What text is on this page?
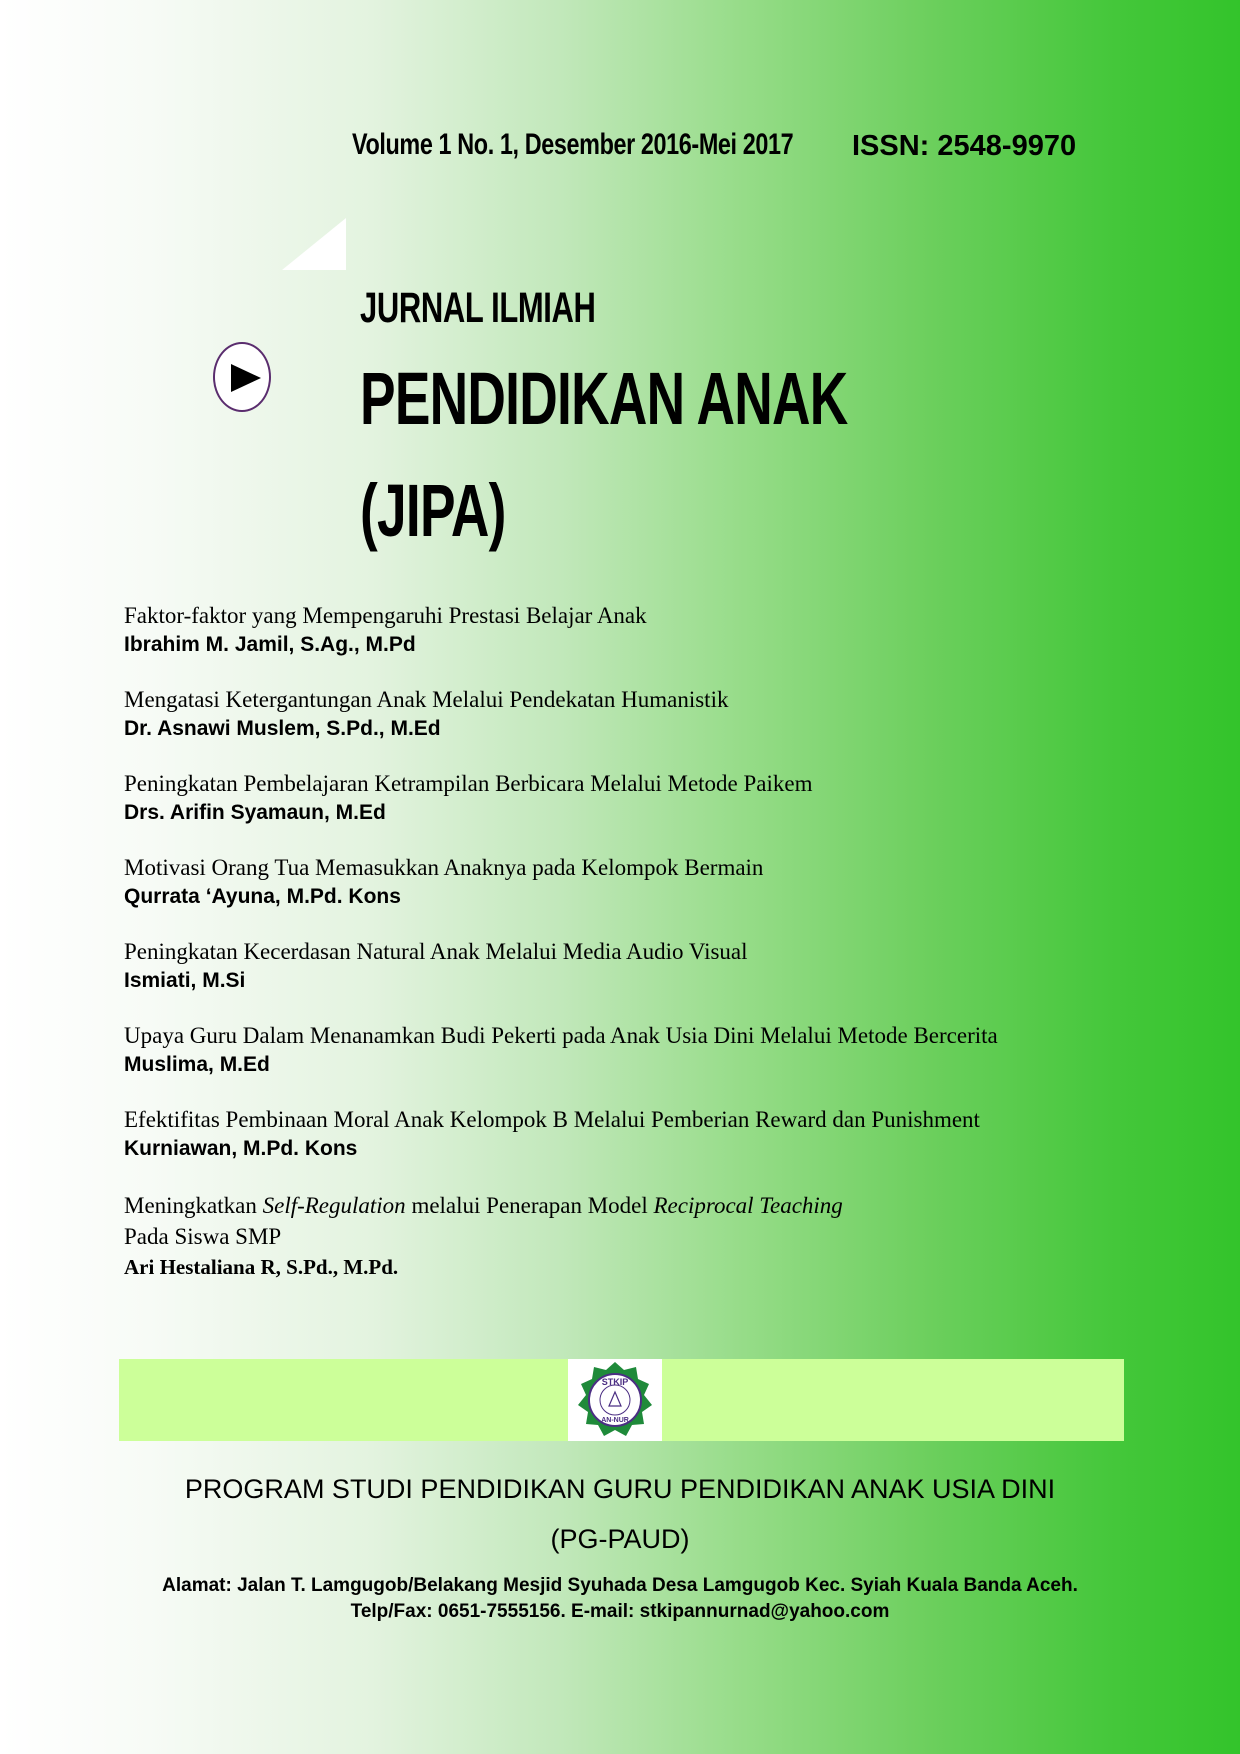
Volume 1 No. 1, Desember 2016-Mei 2017 ISSN: 2548-9970
JURNAL ILMIAH
PENDIDIKAN ANAK
(JIPA)
Faktor-faktor yang Mempengaruhi Prestasi Belajar Anak
Ibrahim M. Jamil, S.Ag., M.Pd
Mengatasi Ketergantungan Anak Melalui Pendekatan Humanistik
Dr. Asnawi Muslem, S.Pd., M.Ed
Peningkatan Pembelajaran Ketrampilan Berbicara Melalui Metode Paikem
Drs. Arifin Syamaun, M.Ed
Motivasi Orang Tua Memasukkan Anaknya pada Kelompok Bermain
Qurrata ‘Ayuna, M.Pd. Kons
Peningkatan Kecerdasan Natural Anak Melalui Media Audio Visual
Ismiati, M.Si
Upaya Guru Dalam Menanamkan Budi Pekerti pada Anak Usia Dini Melalui Metode Bercerita
Muslima, M.Ed
Efektifitas Pembinaan Moral Anak Kelompok B Melalui Pemberian Reward dan Punishment
Kurniawan, M.Pd. Kons
Meningkatkan Self-Regulation melalui Penerapan Model Reciprocal Teaching
Pada Siswa SMP
Ari Hestaliana R, S.Pd., M.Pd.
STKIP
AN-NUR
PROGRAM STUDI PENDIDIKAN GURU PENDIDIKAN ANAK USIA DINI
(PG-PAUD)
Alamat: Jalan T. Lamgugob/Belakang Mesjid Syuhada Desa Lamgugob Kec. Syiah Kuala Banda Aceh.
Telp/Fax: 0651-7555156. E-mail: stkipannurnad@yahoo.com
